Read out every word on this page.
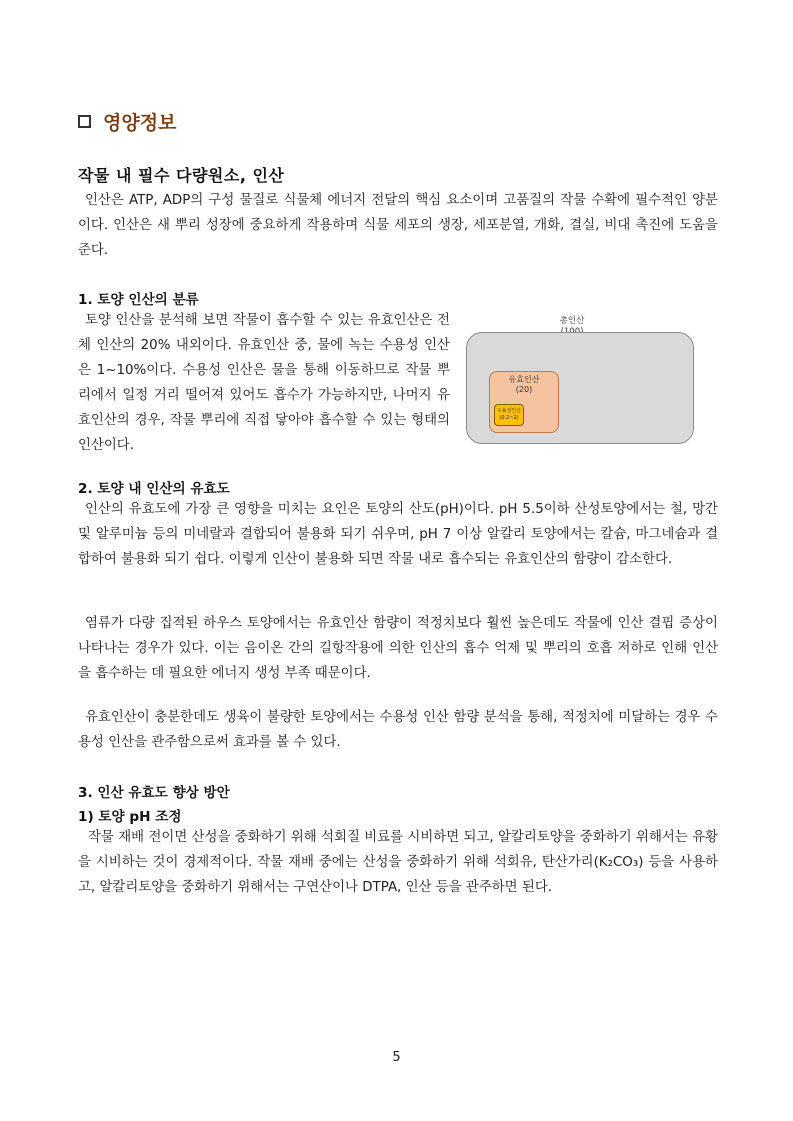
영양정보
작물 내 필수 다량원소, 인산

인산은 ATP, ADP의 구성 물질로 식물체 에너지 전달의 핵심 요소이며 고품질의 작물 수확에 필수적인 양분이다. 인산은 새 뿌리 성장에 중요하게 작용하며 식물 세포의 생장, 세포분열, 개화, 결실, 비대 촉진에 도움을 준다.

1. 토양 인산의 분류

토양 인산을 분석해 보면 작물이 흡수할 수 있는 유효인산은 전체 인산의 20% 내외이다. 유효인산 중, 물에 녹는 수용성 인산은 1~10%이다. 수용성 인산은 물을 통해 이동하므로 작물 뿌리에서 일정 거리 떨어져 있어도 흡수가 가능하지만, 나머지 유효인산의 경우, 작물 뿌리에 직접 닿아야 흡수할 수 있는 형태의 인산이다.

총인산
유효인산
(20)
수용성인산
(0.2~2)
2. 토양 내 인산의 유효도

인산의 유효도에 가장 큰 영향을 미치는 요인은 토양의 산도(pH)이다. pH 5.5이하 산성토양에서는 철, 망간 및 알루미늄 등의 미네랄과 결합되어 불용화 되기 쉬우며, pH 7 이상 알칼리 토양에서는 칼슘, 마그네슘과 결합하여 불용화 되기 쉽다. 이렇게 인산이 불용화 되면 작물 내로 흡수되는 유효인산의 함량이 감소한다.

염류가 다량 집적된 하우스 토양에서는 유효인산 함량이 적정치보다 훨씬 높은데도 작물에 인산 결핍 증상이 나타나는 경우가 있다. 이는 음이온 간의 길항작용에 의한 인산의 흡수 억제 및 뿌리의 호흡 저하로 인해 인산을 흡수하는 데 필요한 에너지 생성 부족 때문이다.

유효인산이 충분한데도 생육이 불량한 토양에서는 수용성 인산 함량 분석을 통해, 적정치에 미달하는 경우 수용성 인산을 관주함으로써 효과를 볼 수 있다.

3. 인산 유효도 향상 방안
1) 토양 pH 조정

작물 재배 전이면 산성을 중화하기 위해 석회질 비료를 시비하면 되고, 알칼리토양을 중화하기 위해서는 유황을 시비하는 것이 경제적이다. 작물 재배 중에는 산성을 중화하기 위해 석회유, 탄산가리(K₂CO₃) 등을 사용하고, 알칼리토양을 중화하기 위해서는 구연산이나 DTPA, 인산 등을 관주하면 된다.

5
